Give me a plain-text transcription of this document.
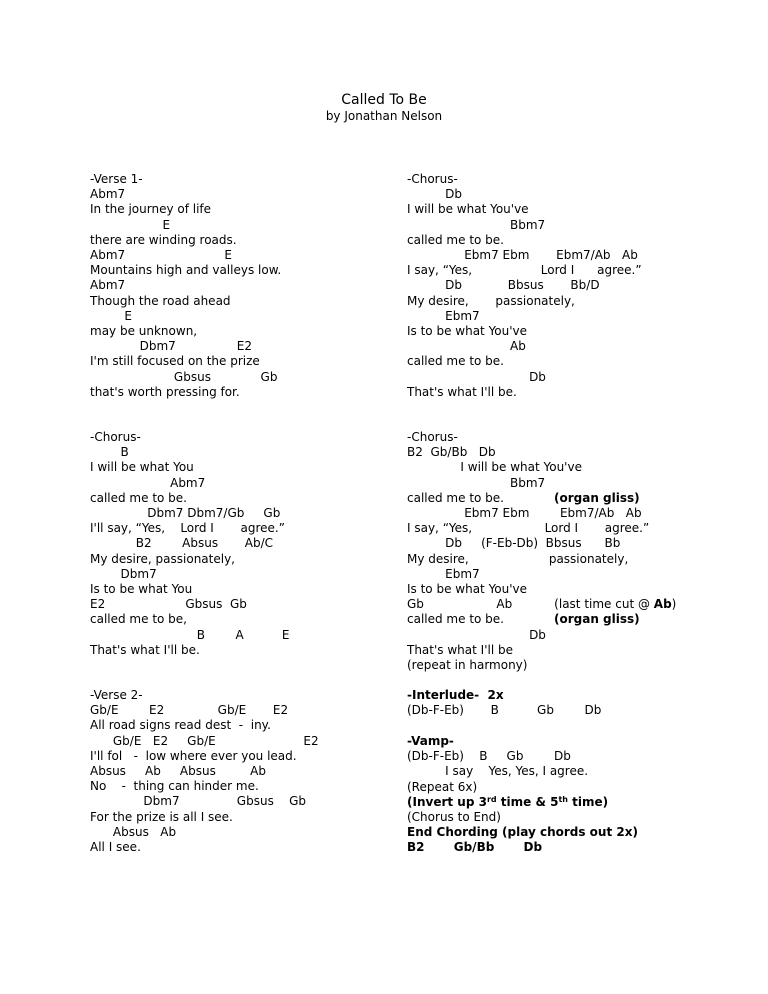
Called To Be
by Jonathan Nelson
-Verse 1-
Abm7
In the journey of life
E
there are winding roads.
Abm7                          E
Mountains high and valleys low.
Abm7
Though the road ahead
E
may be unknown,
Dbm7                E2
I'm still focused on the prize
Gbsus             Gb
that's worth pressing for.
-Chorus-
B
I will be what You
Abm7
called me to be.
Dbm7 Dbm7/Gb     Gb
I'll say, “Yes,    Lord I       agree.”
B2        Absus       Ab/C
My desire, passionately,
Dbm7
Is to be what You
E2                     Gbsus  Gb
called me to be,
B        A          E
That's what I'll be.
-Verse 2-
Gb/E        E2              Gb/E       E2
All road signs read dest  -  iny.
Gb/E   E2     Gb/E                       E2
I'll fol   -  low where ever you lead.
Absus     Ab     Absus         Ab
No    -  thing can hinder me.
Dbm7               Gbsus    Gb
For the prize is all I see.
Absus   Ab
All I see.
-Chorus-
Db
I will be what You've
Bbm7
called me to be.
Ebm7 Ebm       Ebm7/Ab   Ab
I say, “Yes,                  Lord I      agree.”
Db            Bbsus       Bb/D
My desire,       passionately,
Ebm7
Is to be what You've
Ab
called me to be.
Db
That's what I'll be.
-Chorus-
B2  Gb/Bb   Db
I will be what You've
Bbm7
called me to be.	(organ gliss)
Ebm7 Ebm        Ebm7/Ab   Ab
I say, “Yes,                   Lord I       agree.”
Db     (F-Eb-Db)  Bbsus      Bb
My desire,                     passionately,
Ebm7
Is to be what You've
Gb                   Ab           (last time cut @ Ab)
called me to be.	(organ gliss)
Db
That's what I'll be
(repeat in harmony)
-Interlude-  2x
(Db-F-Eb)       B          Gb        Db
-Vamp-
(Db-F-Eb)    B     Gb        Db
I say    Yes, Yes, I agree.
(Repeat 6x)
(Invert up 3rd time & 5th time)
(Chorus to End)
End Chording (play chords out 2x)
B2       Gb/Bb       Db
